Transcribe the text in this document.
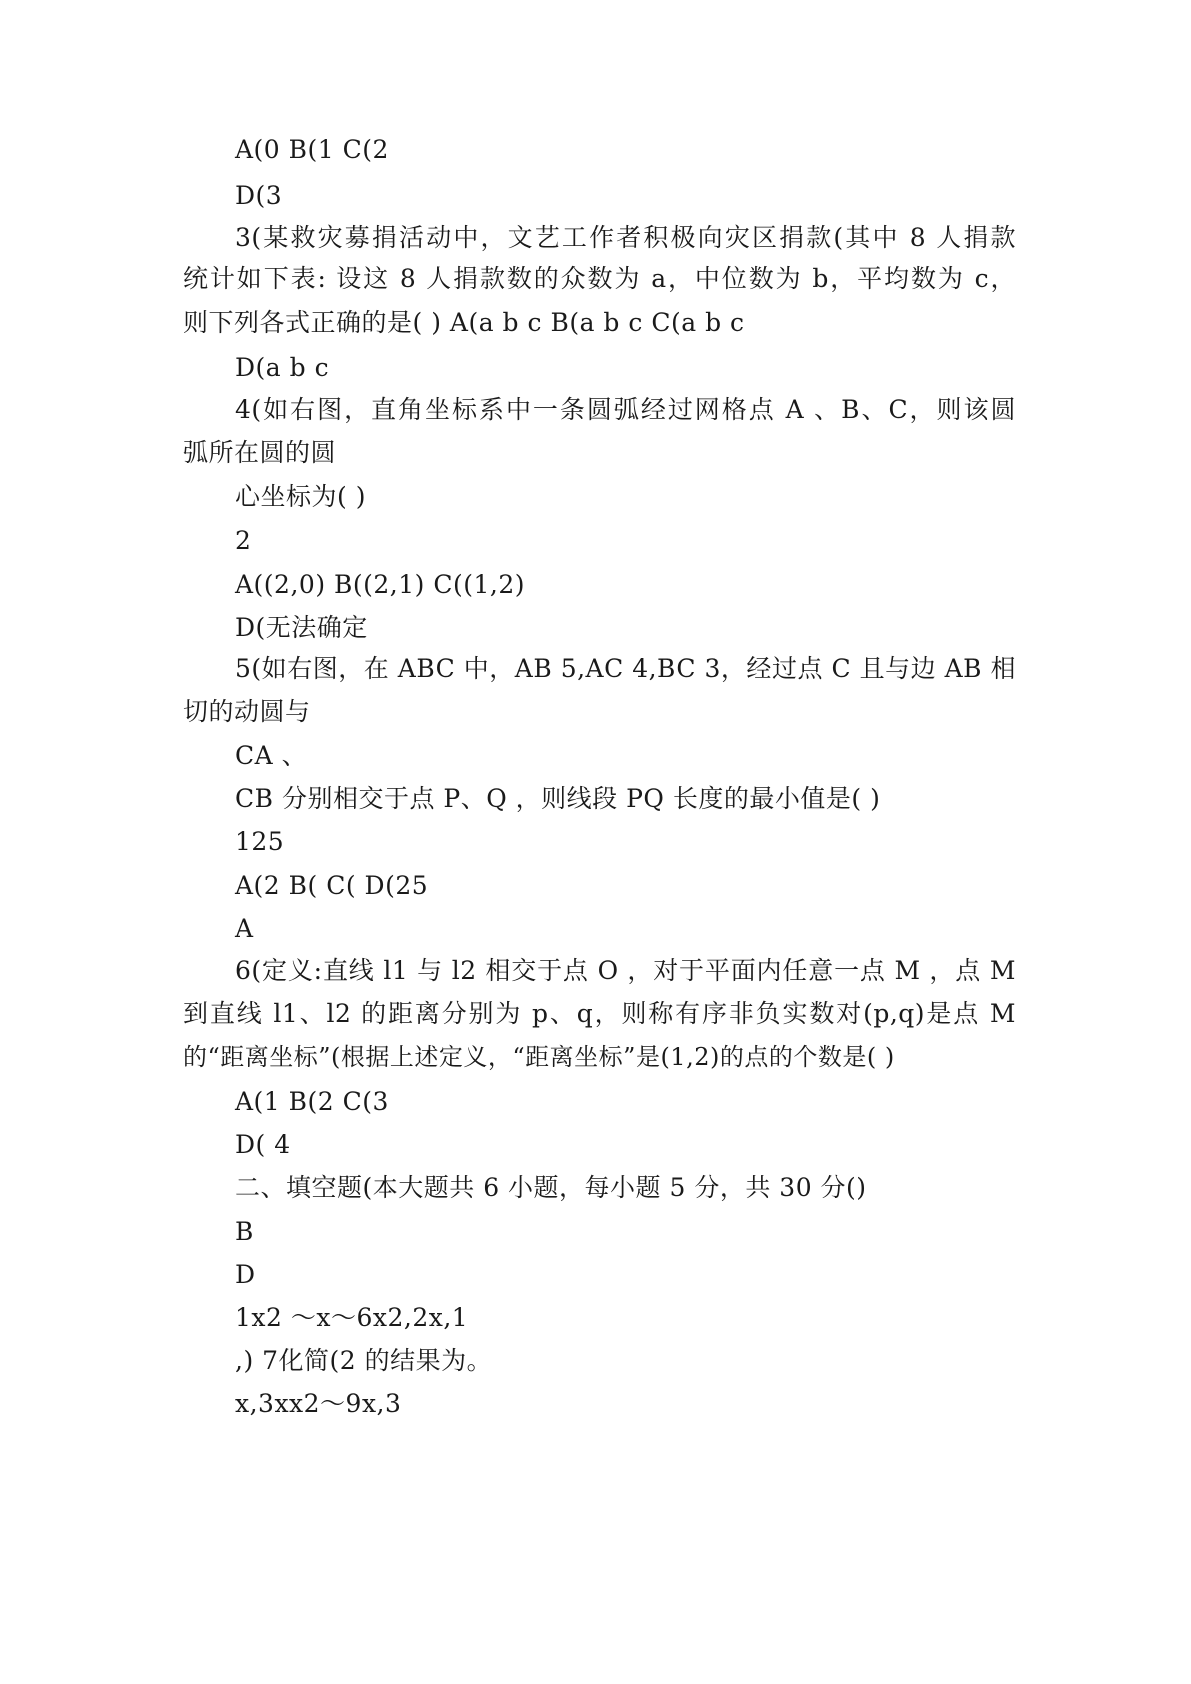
A(0 B(1 C(2
D(3
3(某救灾募捐活动中，文艺工作者积极向灾区捐款(其中 8 人捐款
统计如下表: 设这 8 人捐款数的众数为 a，中位数为 b，平均数为 c，
则下列各式正确的是( ) A(a b c B(a b c C(a b c
D(a b c
4(如右图，直角坐标系中一条圆弧经过网格点 A 、B、C，则该圆
弧所在圆的圆
心坐标为( )
2
A((2,0) B((2,1) C((1,2)
D(无法确定
5(如右图，在 ABC 中，AB 5,AC 4,BC 3，经过点 C 且与边 AB 相
切的动圆与
CA 、
CB 分别相交于点 P、Q ，则线段 PQ 长度的最小值是( )
125
A(2 B( C( D(25
A
6(定义:直线 l1 与 l2 相交于点 O ，对于平面内任意一点 M ，点 M
到直线 l1、l2 的距离分别为 p、q，则称有序非负实数对(p,q)是点 M
的“距离坐标”(根据上述定义，“距离坐标”是(1,2)的点的个数是( )
A(1 B(2 C(3
D( 4
二、填空题(本大题共 6 小题，每小题 5 分，共 30 分()
B
D
1x2 ～x～6x2,2x,1
,) 7化简(2 的结果为。
x,3xx2～9x,3
